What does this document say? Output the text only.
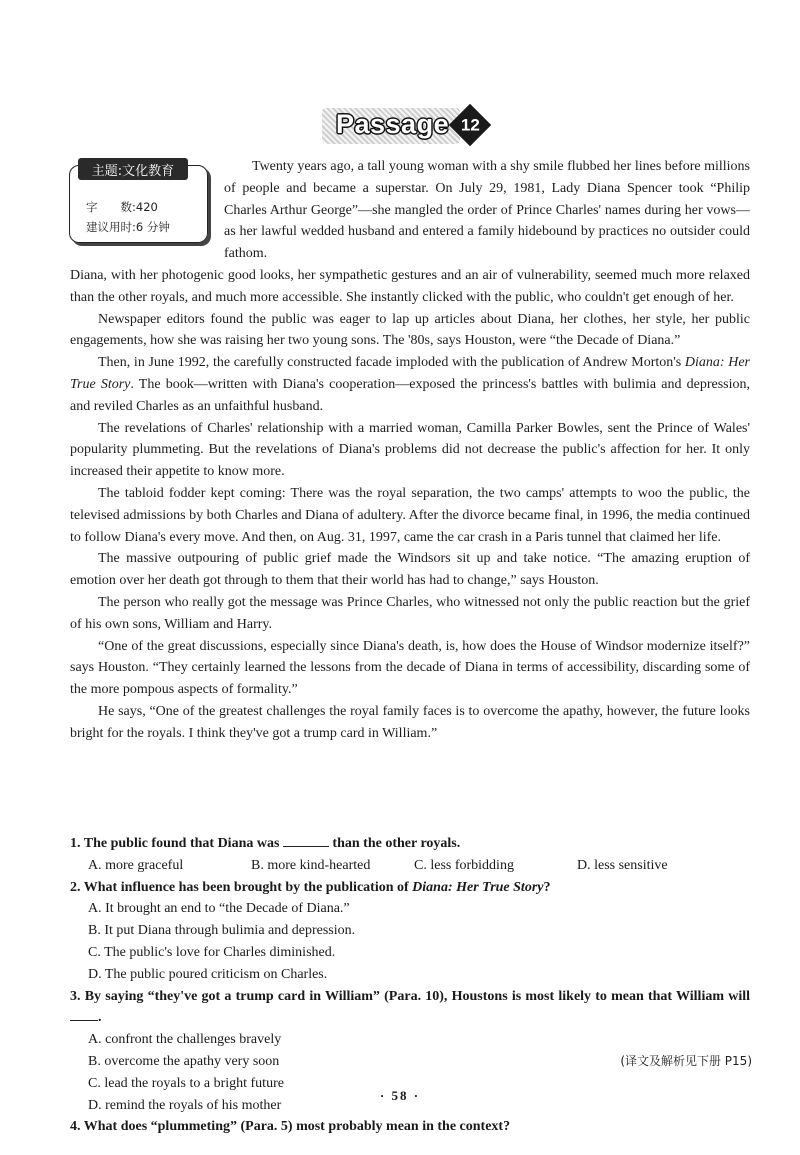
Passage 12
主题:文化教育
字　　数:420
建议用时:6 分钟

Twenty years ago, a tall young woman with a shy smile flubbed her lines before millions of people and became a superstar. On July 29, 1981, Lady Diana Spencer took “Philip Charles Arthur George”—she mangled the order of Prince Charles' names during her vows—as her lawful wedded husband and entered a family hidebound by practices no outsider could fathom.

Diana, with her photogenic good looks, her sympathetic gestures and an air of vulnerability, seemed much more relaxed than the other royals, and much more accessible. She instantly clicked with the public, who couldn't get enough of her.

Newspaper editors found the public was eager to lap up articles about Diana, her clothes, her style, her public engagements, how she was raising her two young sons. The '80s, says Houston, were “the Decade of Diana.”

Then, in June 1992, the carefully constructed facade imploded with the publication of Andrew Morton's Diana: Her True Story. The book—written with Diana's cooperation—exposed the princess's battles with bulimia and depression, and reviled Charles as an unfaithful husband.

The revelations of Charles' relationship with a married woman, Camilla Parker Bowles, sent the Prince of Wales' popularity plummeting. But the revelations of Diana's problems did not decrease the public's affection for her. It only increased their appetite to know more.

The tabloid fodder kept coming: There was the royal separation, the two camps' attempts to woo the public, the televised admissions by both Charles and Diana of adultery. After the divorce became final, in 1996, the media continued to follow Diana's every move. And then, on Aug. 31, 1997, came the car crash in a Paris tunnel that claimed her life.

The massive outpouring of public grief made the Windsors sit up and take notice. “The amazing eruption of emotion over her death got through to them that their world has had to change,” says Houston.

The person who really got the message was Prince Charles, who witnessed not only the public reaction but the grief of his own sons, William and Harry.

“One of the great discussions, especially since Diana's death, is, how does the House of Windsor modernize itself?” says Houston. “They certainly learned the lessons from the decade of Diana in terms of accessibility, discarding some of the more pompous aspects of formality.”

He says, “One of the greatest challenges the royal family faces is to overcome the apathy, however, the future looks bright for the royals. I think they've got a trump card in William.”

1. The public found that Diana was	than the other royals.

A. more graceful	B. more kind-hearted	C. less forbidding	D. less sensitive

2. What influence has been brought by the publication of Diana: Her True Story?

A. It brought an end to “the Decade of Diana.”
B. It put Diana through bulimia and depression.
C. The public's love for Charles diminished.
D. The public poured criticism on Charles.

3. By saying “they've got a trump card in William” (Para. 10), Houstons is most likely to mean that William will .

A. confront the challenges bravely
B. overcome the apathy very soon
C. lead the royals to a bright future
D. remind the royals of his mother

4. What does “plummeting” (Para. 5) most probably mean in the context?

(译文及解析见下册 P15)
· 58 ·
